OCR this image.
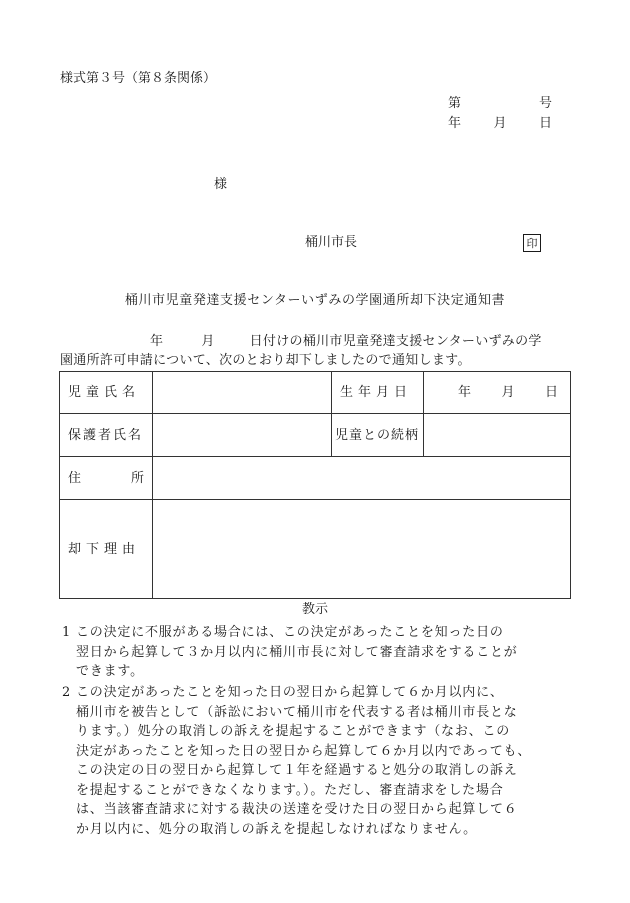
様式第３号（第８条関係）
第	号
年 月 日
様
桶川市長	印
桶川市児童発達支援センターいずみの学園通所却下決定通知書
年	月	日付けの桶川市児童発達支援センターいずみの学
園通所許可申請について、次のとおり却下しましたので通知します。
児童氏名		生年月日	年 月 日

保護者氏名		児童との続柄	

住 所			

却下理由			
教示
1 この決定に不服がある場合には、この決定があったことを知った日の
翌日から起算して３か月以内に桶川市長に対して審査請求をすることが
できます。
2 この決定があったことを知った日の翌日から起算して６か月以内に、
桶川市を被告として（訴訟において桶川市を代表する者は桶川市長とな
ります。）処分の取消しの訴えを提起することができます（なお、この
決定があったことを知った日の翌日から起算して６か月以内であっても、
この決定の日の翌日から起算して１年を経過すると処分の取消しの訴え
を提起することができなくなります。）。ただし、審査請求をした場合
は、当該審査請求に対する裁決の送達を受けた日の翌日から起算して６
か月以内に、処分の取消しの訴えを提起しなければなりません。
